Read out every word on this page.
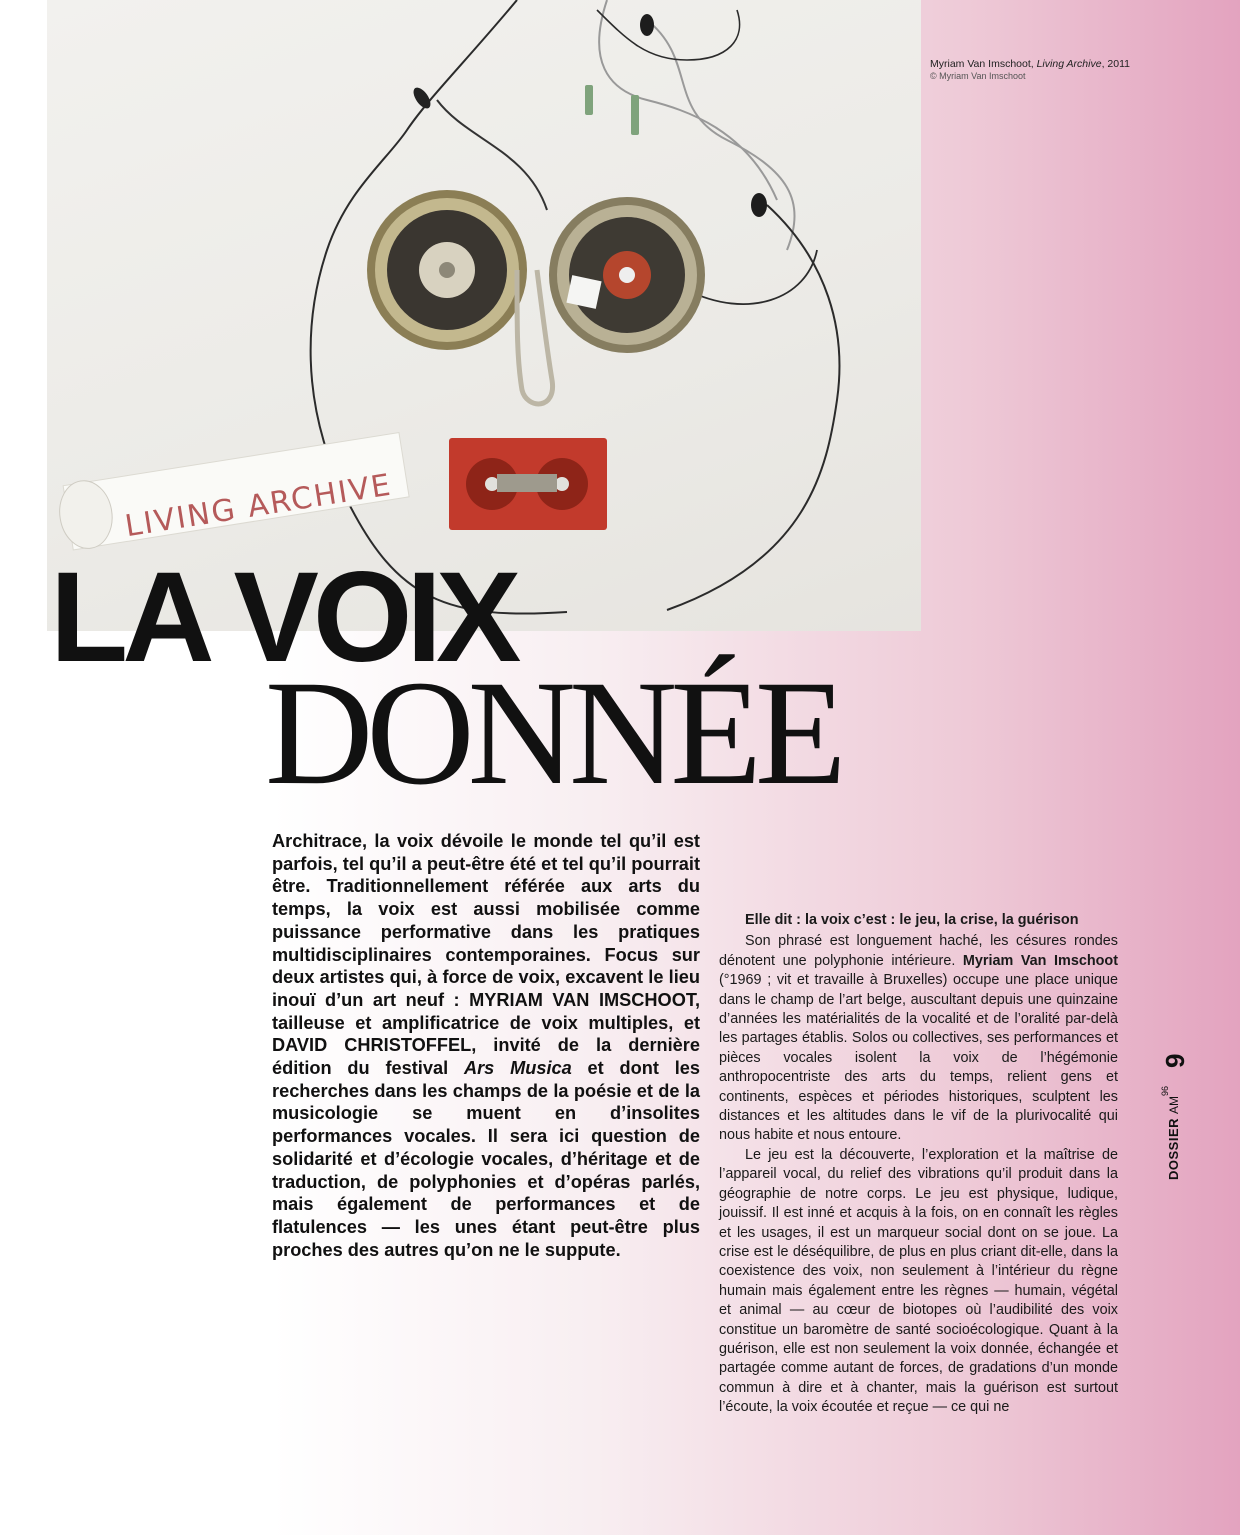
LIVING ARCHIVE
Myriam Van Imschoot, Living Archive, 2011
© Myriam Van Imschoot
LA VOIX
DONNÉE

Architrace, la voix dévoile le monde tel qu’il est parfois, tel qu’il a peut-être été et tel qu’il pourrait être. Traditionnellement référée aux arts du temps, la voix est aussi mobilisée comme puissance performative dans les pratiques multidisciplinaires contemporaines. Focus sur deux artistes qui, à force de voix, excavent le lieu inouï d’un art neuf : MYRIAM VAN IMSCHOOT, tailleuse et amplificatrice de voix multiples, et DAVID CHRISTOFFEL, invité de la dernière édition du festival Ars Musica et dont les recherches dans les champs de la poésie et de la musicologie se muent en d’insolites performances vocales. Il sera ici question de solidarité et d’écologie vocales, d’héritage et de traduction, de polyphonies et d’opéras parlés, mais également de performances et de flatulences — les unes étant peut-être plus proches des autres qu’on ne le suppute.

Elle dit : la voix c’est : le jeu, la crise, la guérison

Son phrasé est longuement haché, les césures rondes dénotent une polyphonie intérieure. Myriam Van Imschoot (°1969 ; vit et travaille à Bruxelles) occupe une place unique dans le champ de l’art belge, auscultant depuis une quinzaine d’années les matérialités de la vocalité et de l’oralité par-delà les partages établis. Solos ou collectives, ses performances et pièces vocales isolent la voix de l’hégémonie anthropocentriste des arts du temps, relient gens et continents, espèces et périodes historiques, sculptent les distances et les altitudes dans le vif de la plurivocalité qui nous habite et nous entoure.

Le jeu est la découverte, l’exploration et la maîtrise de l’appareil vocal, du relief des vibrations qu’il produit dans la géographie de notre corps. Le jeu est physique, ludique, jouissif. Il est inné et acquis à la fois, on en connaît les règles et les usages, il est un marqueur social dont on se joue. La crise est le déséquilibre, de plus en plus criant dit-elle, dans la coexistence des voix, non seulement à l’intérieur du règne humain mais également entre les règnes — humain, végétal et animal — au cœur de biotopes où l’audibilité des voix constitue un baromètre de santé socioécologique. Quant à la guérison, elle est non seulement la voix donnée, échangée et partagée comme autant de forces, de gradations d’un monde commun à dire et à chanter, mais la guérison est surtout l’écoute, la voix écoutée et reçue — ce qui ne

DOSSIERAM$^{96}$9
